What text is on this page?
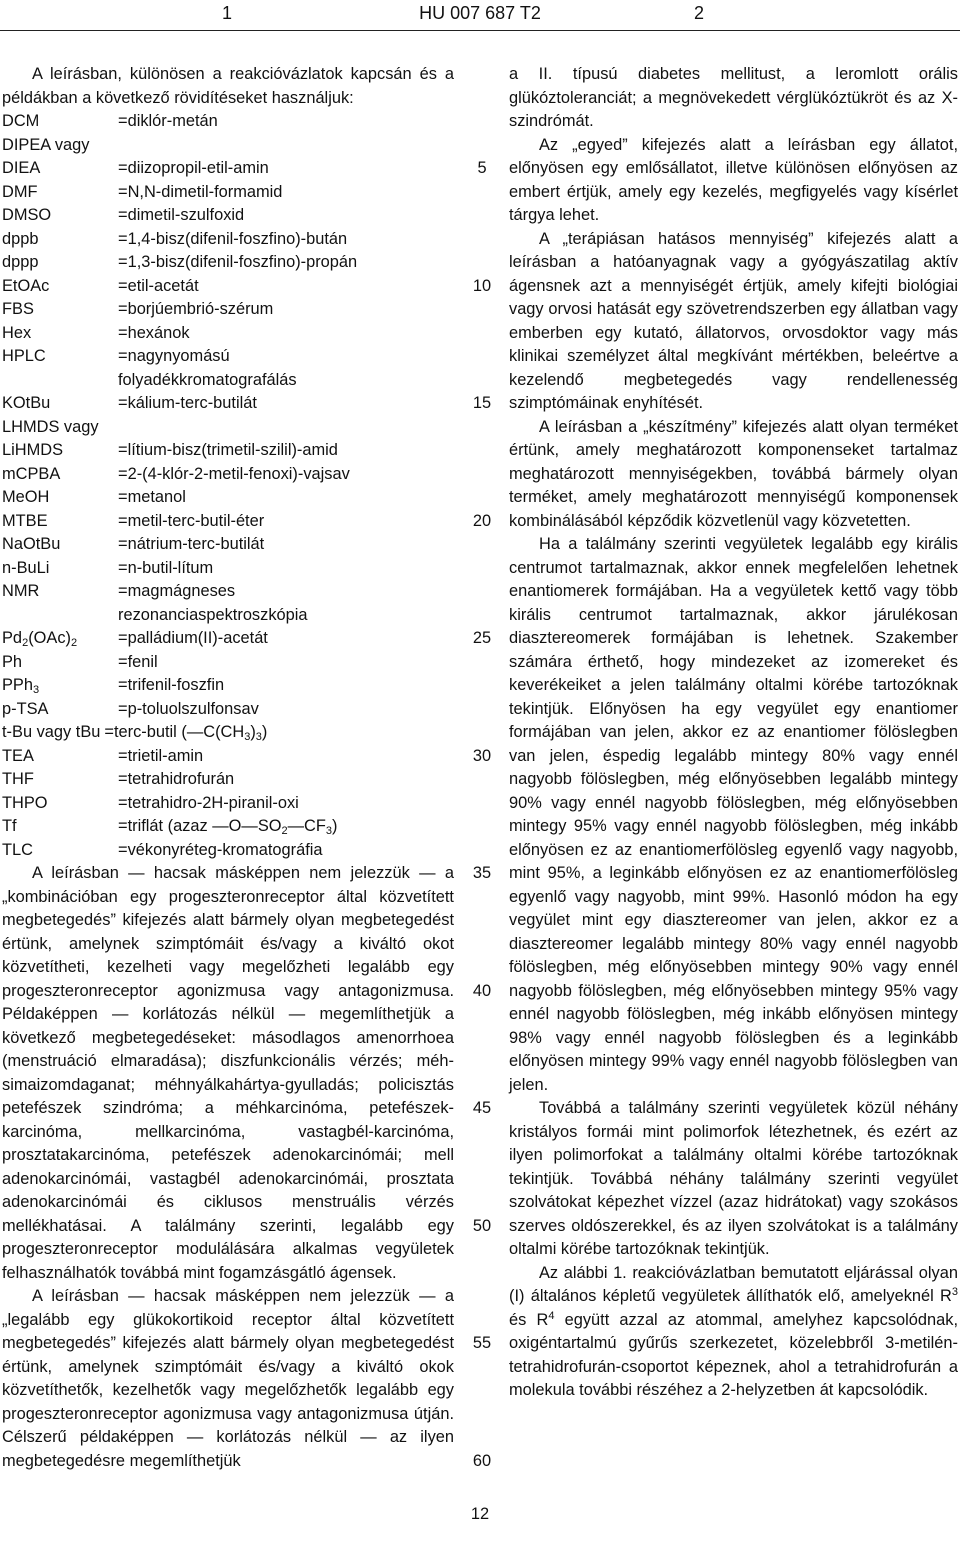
1	HU 007 687 T2	2

A leírásban, különösen a reakcióvázlatok kapcsán és a példákban a következő rövidítéseket használjuk:

DCM	=diklór-metán
DIPEA vagy
DIEA	=diizopropil-etil-amin
DMF	=N,N-dimetil-formamid
DMSO	=dimetil-szulfoxid
dppb	=1,4-bisz(difenil-foszfino)-bután
dppp	=1,3-bisz(difenil-foszfino)-propán
EtOAc	=etil-acetát
FBS	=borjúembrió-szérum
Hex	=hexánok
HPLC	=nagynyomású
folyadékkromatografálás
KOtBu	=kálium-terc-butilát
LHMDS vagy
LiHMDS	=lítium-bisz(trimetil-szilil)-amid
mCPBA	=2-(4-klór-2-metil-fenoxi)-vajsav
MeOH	=metanol
MTBE	=metil-terc-butil-éter
NaOtBu	=nátrium-terc-butilát
n-BuLi	=n-butil-lítum
NMR	=magmágneses
rezonanciaspektroszkópia
$Pd_2(OAc)_2$	=palládium(II)-acetát
Ph	=fenil
PPh$_3$	=trifenil-foszfin
p-TSA	=p-toluolszulfonsav
t-Bu vagy tBu =terc-butil $(—C(CH_3)_3)$
TEA	=trietil-amin
THF	=tetrahidrofurán
THPO	=tetrahidro-2H-piranil-oxi
Tf	=triflát (azaz $—O—SO_2—CF_3$)
TLC	=vékonyréteg-kromatográfia

A leírásban — hacsak másképpen nem jelezzük — a „kombinációban egy progeszteronreceptor által közvetített megbetegedés” kifejezés alatt bármely olyan megbetegedést értünk, amelynek szimptómáit és/vagy a kiváltó okot közvetítheti, kezelheti vagy megelőzheti legalább egy progeszteronreceptor agonizmusa vagy antagonizmusa. Példaképpen — korlátozás nélkül — megemlíthetjük a következő megbetegedéseket: másodlagos amenorrhoea (menstruáció elmaradása); diszfunkcionális vérzés; méh-simaizomdaganat; méhnyálkahártya-gyulladás; policisztás petefészek szindróma; a méhkarcinóma, petefészek-karcinóma, mellkarcinóma, vastagbél-karcinóma, prosztatakarcinóma, petefészek adenokarcinómái; mell adenokarcinómái, vastagbél adenokarcinómái, prosztata adenokarcinómái és ciklusos menstruális vérzés mellékhatásai. A találmány szerinti, legalább egy progeszteronreceptor modulálására alkalmas vegyületek felhasználhatók továbbá mint fogamzásgátló ágensek.

A leírásban — hacsak másképpen nem jelezzük — a „legalább egy glükokortikoid receptor által közvetített megbetegedés” kifejezés alatt bármely olyan megbetegedést értünk, amelynek szimptómáit és/vagy a kiváltó okok közvetíthetők, kezelhetők vagy megelőzhetők legalább egy progeszteronreceptor agonizmusa vagy antagonizmusa útján. Célszerű példaképpen — korlátozás nélkül — az ilyen megbetegedésre megemlíthetjük

5
10
15
20
25
30
35
40
45
50
55
60

a II. típusú diabetes mellitust, a leromlott orális glükóztoleranciát; a megnövekedett vérglükóztükröt és az X-szindrómát.

Az „egyed” kifejezés alatt a leírásban egy állatot, előnyösen egy emlősállatot, illetve különösen előnyösen az embert értjük, amely egy kezelés, megfigyelés vagy kísérlet tárgya lehet.

A „terápiásan hatásos mennyiség” kifejezés alatt a leírásban a hatóanyagnak vagy a gyógyászatilag aktív ágensnek azt a mennyiségét értjük, amely kifejti biológiai vagy orvosi hatását egy szövetrendszerben egy állatban vagy emberben egy kutató, állatorvos, orvosdoktor vagy más klinikai személyzet által megkívánt mértékben, beleértve a kezelendő megbetegedés vagy rendellenesség szimptómáinak enyhítését.

A leírásban a „készítmény” kifejezés alatt olyan terméket értünk, amely meghatározott komponenseket tartalmaz meghatározott mennyiségekben, továbbá bármely olyan terméket, amely meghatározott mennyiségű komponensek kombinálásából képződik közvetlenül vagy közvetetten.

Ha a találmány szerinti vegyületek legalább egy királis centrumot tartalmaznak, akkor ennek megfelelően lehetnek enantiomerek formájában. Ha a vegyületek kettő vagy több királis centrumot tartalmaznak, akkor járulékosan diasztereomerek formájában is lehetnek. Szakember számára érthető, hogy mindezeket az izomereket és keverékeiket a jelen találmány oltalmi körébe tartozóknak tekintjük. Előnyösen ha egy vegyület egy enantiomer formájában van jelen, akkor ez az enantiomer fölöslegben van jelen, éspedig legalább mintegy 80% vagy ennél nagyobb fölöslegben, még előnyösebben legalább mintegy 90% vagy ennél nagyobb fölöslegben, még előnyösebben mintegy 95% vagy ennél nagyobb fölöslegben, még inkább előnyösen ez az enantiomerfölösleg egyenlő vagy nagyobb, mint 95%, a leginkább előnyösen ez az enantiomerfölösleg egyenlő vagy nagyobb, mint 99%. Hasonló módon ha egy vegyület mint egy diasztereomer van jelen, akkor ez a diasztereomer legalább mintegy 80% vagy ennél nagyobb fölöslegben, még előnyösebben mintegy 90% vagy ennél nagyobb fölöslegben, még előnyösebben mintegy 95% vagy ennél nagyobb fölöslegben, még inkább előnyösen mintegy 98% vagy ennél nagyobb fölöslegben és a leginkább előnyösen mintegy 99% vagy ennél nagyobb fölöslegben van jelen.

Továbbá a találmány szerinti vegyületek közül néhány kristályos formái mint polimorfok létezhetnek, és ezért az ilyen polimorfokat a találmány oltalmi körébe tartozóknak tekintjük. Továbbá néhány találmány szerinti vegyület szolvátokat képezhet vízzel (azaz hidrátokat) vagy szokásos szerves oldószerekkel, és az ilyen szolvátokat is a találmány oltalmi körébe tartozóknak tekintjük.

Az alábbi 1. reakcióvázlatban bemutatott eljárással olyan (I) általános képletű vegyületek állíthatók elő, amelyeknél $R^3$ és $R^4$ együtt azzal az atommal, amelyhez kapcsolódnak, oxigéntartalmú gyűrűs szerkezetet, közelebbről 3-metilén-tetrahidrofurán-csoportot képeznek, ahol a tetrahidrofurán a molekula további részéhez a 2-helyzetben át kapcsolódik.

12
